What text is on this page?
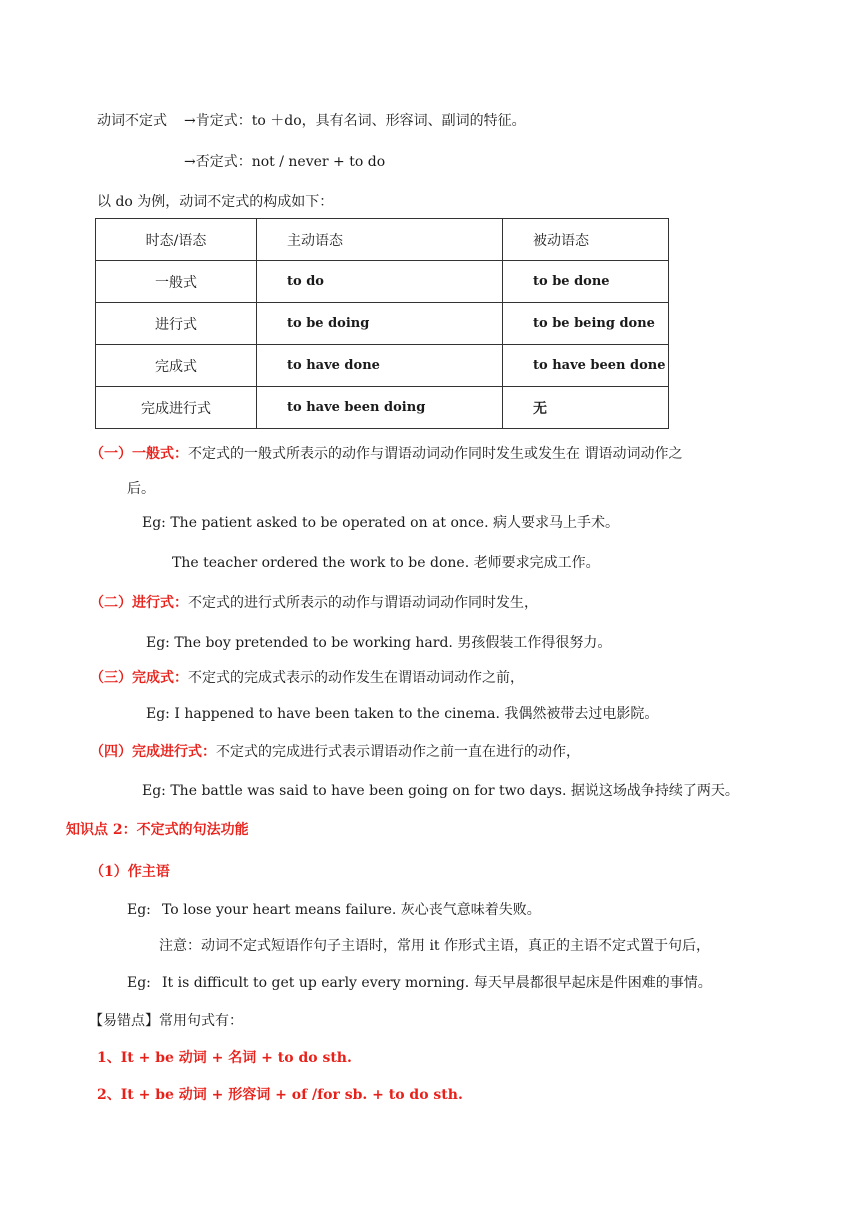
动词不定式 →肯定式：to ＋do，具有名词、形容词、副词的特征。
→否定式：not / never + to do
以 do 为例，动词不定式的构成如下：
时态/语态	主动语态	被动语态
一般式	to do	to be done
进行式	to be doing	to be being done
完成式	to have done	to have been done
完成进行式	to have been doing	无
（一）一般式：不定式的一般式所表示的动作与谓语动词动作同时发生或发生在 谓语动词动作之
后。
Eg: The patient asked to be operated on at once. 病人要求马上手术。
The teacher ordered the work to be done. 老师要求完成工作。
（二）进行式：不定式的进行式所表示的动作与谓语动词动作同时发生，
Eg: The boy pretended to be working hard. 男孩假装工作得很努力。
（三）完成式：不定式的完成式表示的动作发生在谓语动词动作之前，
Eg: I happened to have been taken to the cinema. 我偶然被带去过电影院。
（四）完成进行式：不定式的完成进行式表示谓语动作之前一直在进行的动作，
Eg: The battle was said to have been going on for two days. 据说这场战争持续了两天。
知识点 2：不定式的句法功能
（1）作主语
Eg: To lose your heart means failure. 灰心丧气意味着失败。
注意：动词不定式短语作句子主语时，常用 it 作形式主语，真正的主语不定式置于句后，
Eg: It is difficult to get up early every morning. 每天早晨都很早起床是件困难的事情。
【易错点】常用句式有：
1、It + be 动词 + 名词 + to do sth.
2、It + be 动词 + 形容词 + of /for sb. + to do sth.
